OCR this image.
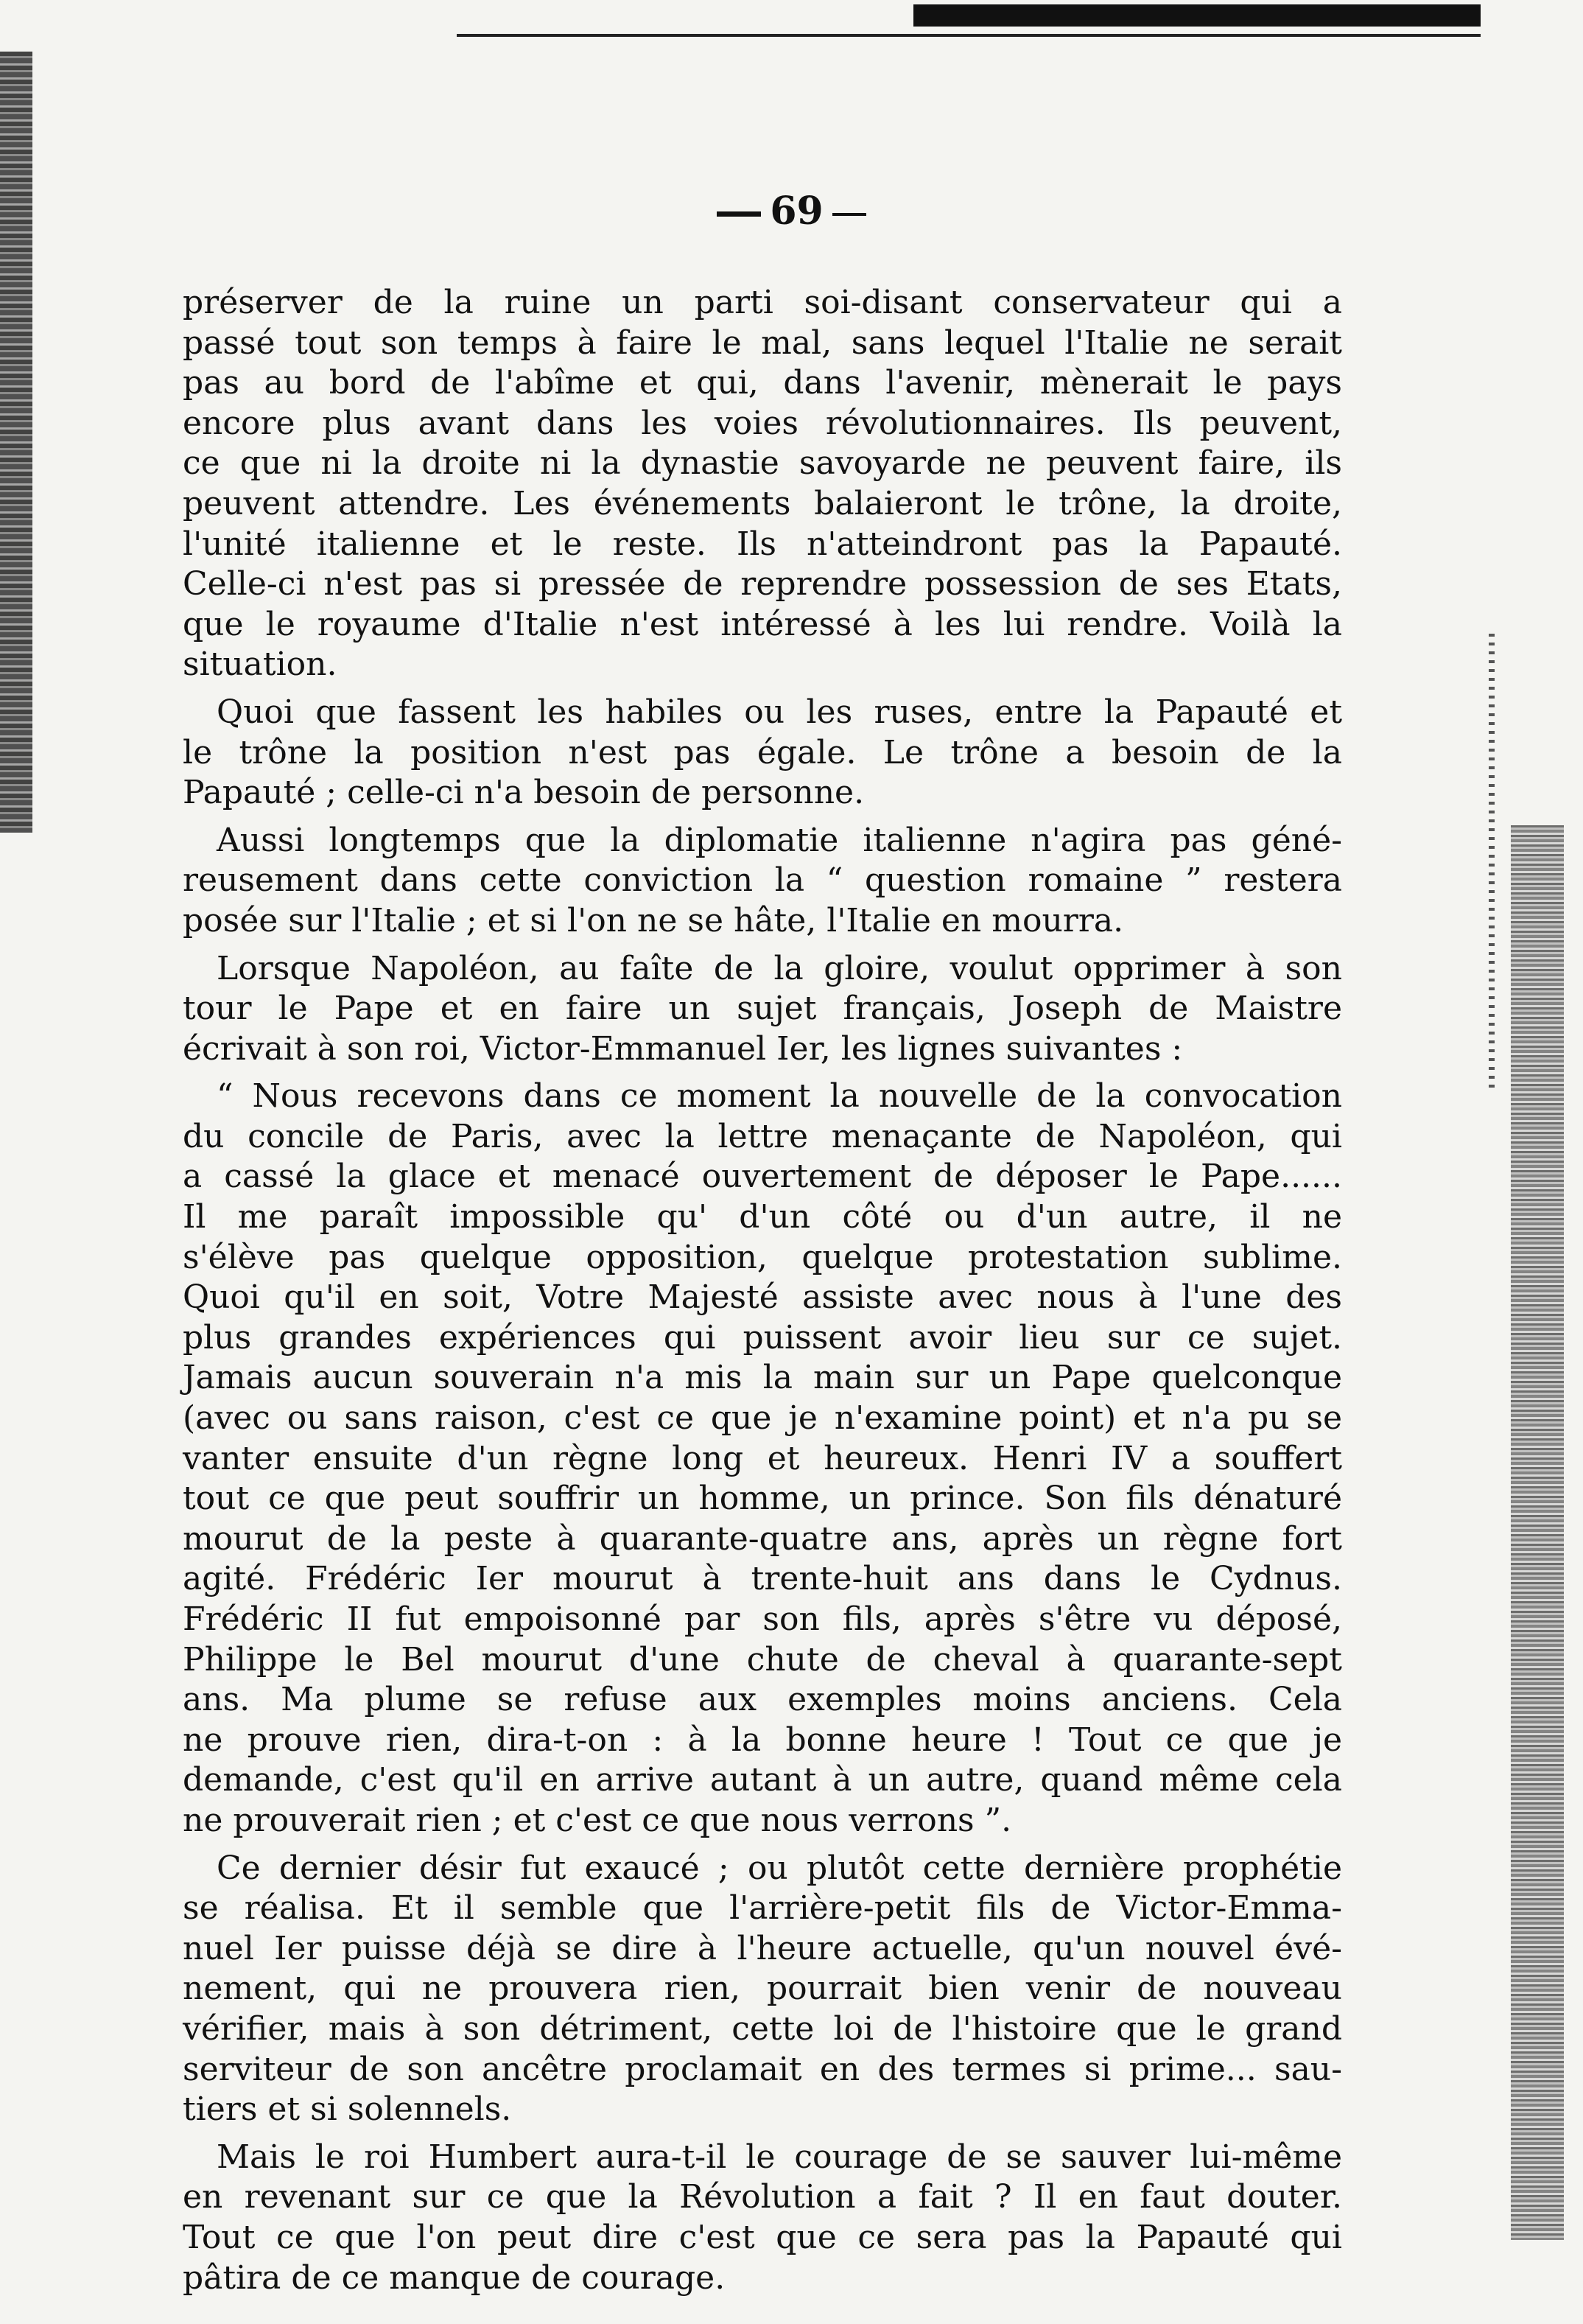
69
préserver de la ruine un parti soi-disant conservateur qui a
passé tout son temps à faire le mal, sans lequel l'Italie ne serait
pas au bord de l'abîme et qui, dans l'avenir, mènerait le pays
encore plus avant dans les voies révolutionnaires. Ils peuvent,
ce que ni la droite ni la dynastie savoyarde ne peuvent faire, ils
peuvent attendre. Les événements balaieront le trône, la droite,
l'unité italienne et le reste. Ils n'atteindront pas la Papauté.
Celle-ci n'est pas si pressée de reprendre possession de ses Etats,
que le royaume d'Italie n'est intéressé à les lui rendre. Voilà la
situation.
Quoi que fassent les habiles ou les ruses, entre la Papauté et
le trône la position n'est pas égale. Le trône a besoin de la
Papauté ; celle-ci n'a besoin de personne.
Aussi longtemps que la diplomatie italienne n'agira pas géné-
reusement dans cette conviction la “ question romaine ” restera
posée sur l'Italie ; et si l'on ne se hâte, l'Italie en mourra.
Lorsque Napoléon, au faîte de la gloire, voulut opprimer à son
tour le Pape et en faire un sujet français, Joseph de Maistre
écrivait à son roi, Victor-Emmanuel Ier, les lignes suivantes :
“ Nous recevons dans ce moment la nouvelle de la convocation
du concile de Paris, avec la lettre menaçante de Napoléon, qui
a cassé la glace et menacé ouvertement de déposer le Pape......
Il me paraît impossible qu' d'un côté ou d'un autre, il ne
s'élève pas quelque opposition, quelque protestation sublime.
Quoi qu'il en soit, Votre Majesté assiste avec nous à l'une des
plus grandes expériences qui puissent avoir lieu sur ce sujet.
Jamais aucun souverain n'a mis la main sur un Pape quelconque
(avec ou sans raison, c'est ce que je n'examine point) et n'a pu se
vanter ensuite d'un règne long et heureux. Henri IV a souffert
tout ce que peut souffrir un homme, un prince. Son fils dénaturé
mourut de la peste à quarante-quatre ans, après un règne fort
agité. Frédéric Ier mourut à trente-huit ans dans le Cydnus.
Frédéric II fut empoisonné par son fils, après s'être vu déposé,
Philippe le Bel mourut d'une chute de cheval à quarante-sept
ans. Ma plume se refuse aux exemples moins anciens. Cela
ne prouve rien, dira-t-on : à la bonne heure ! Tout ce que je
demande, c'est qu'il en arrive autant à un autre, quand même cela
ne prouverait rien ; et c'est ce que nous verrons ”.
Ce dernier désir fut exaucé ; ou plutôt cette dernière prophétie
se réalisa. Et il semble que l'arrière-petit fils de Victor-Emma-
nuel Ier puisse déjà se dire à l'heure actuelle, qu'un nouvel évé-
nement, qui ne prouvera rien, pourrait bien venir de nouveau
vérifier, mais à son détriment, cette loi de l'histoire que le grand
serviteur de son ancêtre proclamait en des termes si prime... sau-
tiers et si solennels.
Mais le roi Humbert aura-t-il le courage de se sauver lui-même
en revenant sur ce que la Révolution a fait ? Il en faut douter.
Tout ce que l'on peut dire c'est que ce sera pas la Papauté qui
pâtira de ce manque de courage.
